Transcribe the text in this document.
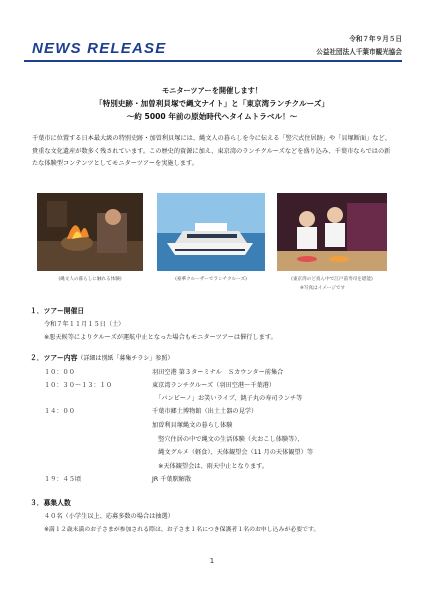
令和７年９月５日
公益社団法人千葉市観光協会
NEWS RELEASE
モニターツアーを開催します！
「特別史跡・加曽利貝塚で縄文ナイト」と「東京湾ランチクルーズ」
～約 5000 年前の原始時代へタイムトラベル！～
千葉市に位置する日本最大級の特別史跡・加曽利貝塚には、縄文人の暮らしを今に伝える「竪穴式住居跡」や「貝塚断面」など、貴重な文化遺産が数多く残されています。この歴史的資源に加え、東京湾のランチクルーズなどを盛り込み、千葉市ならではの新たな体験型コンテンツとしてモニターツアーを実施します。
(縄文人の暮らしに触れる体験)	(豪華クルーザーでランチクルーズ)	(東京湾のど真ん中で江戸前寿司を堪能)
※写真はイメージです
１．ツアー開催日
令和７年１１月１５日（土）
※悪天候等によりクルーズが運航中止となった場合もモニターツアーは催行します。
２．ツアー内容（詳細は別紙「募集チラシ」参照）
１０：００	羽田空港 第３ターミナル　Ｓカウンター前集合
１０：３０～１３：１０	東京湾ランチクルーズ（羽田空港～千葉港）
　「バンビーノ」お笑いライブ、銚子丸の寿司ランチ等
１４：００	千葉市郷土博物館（出土土器の見学）
加曽利貝塚縄文の暮らし体験
　竪穴住居の中で縄文の生活体験（火おこし体験等）、
　縄文グルメ（軽食）、天体観望会（11 月の天体観望）等
　※天体観望会は、雨天中止となります。
１９：４５頃	JR 千葉駅解散
３．募集人数
４０名（小学生以上、応募多数の場合は抽選）
※満１２歳未満のお子さまが参加される際は、お子さま１名につき保護者１名のお申し込みが必要です。
1
